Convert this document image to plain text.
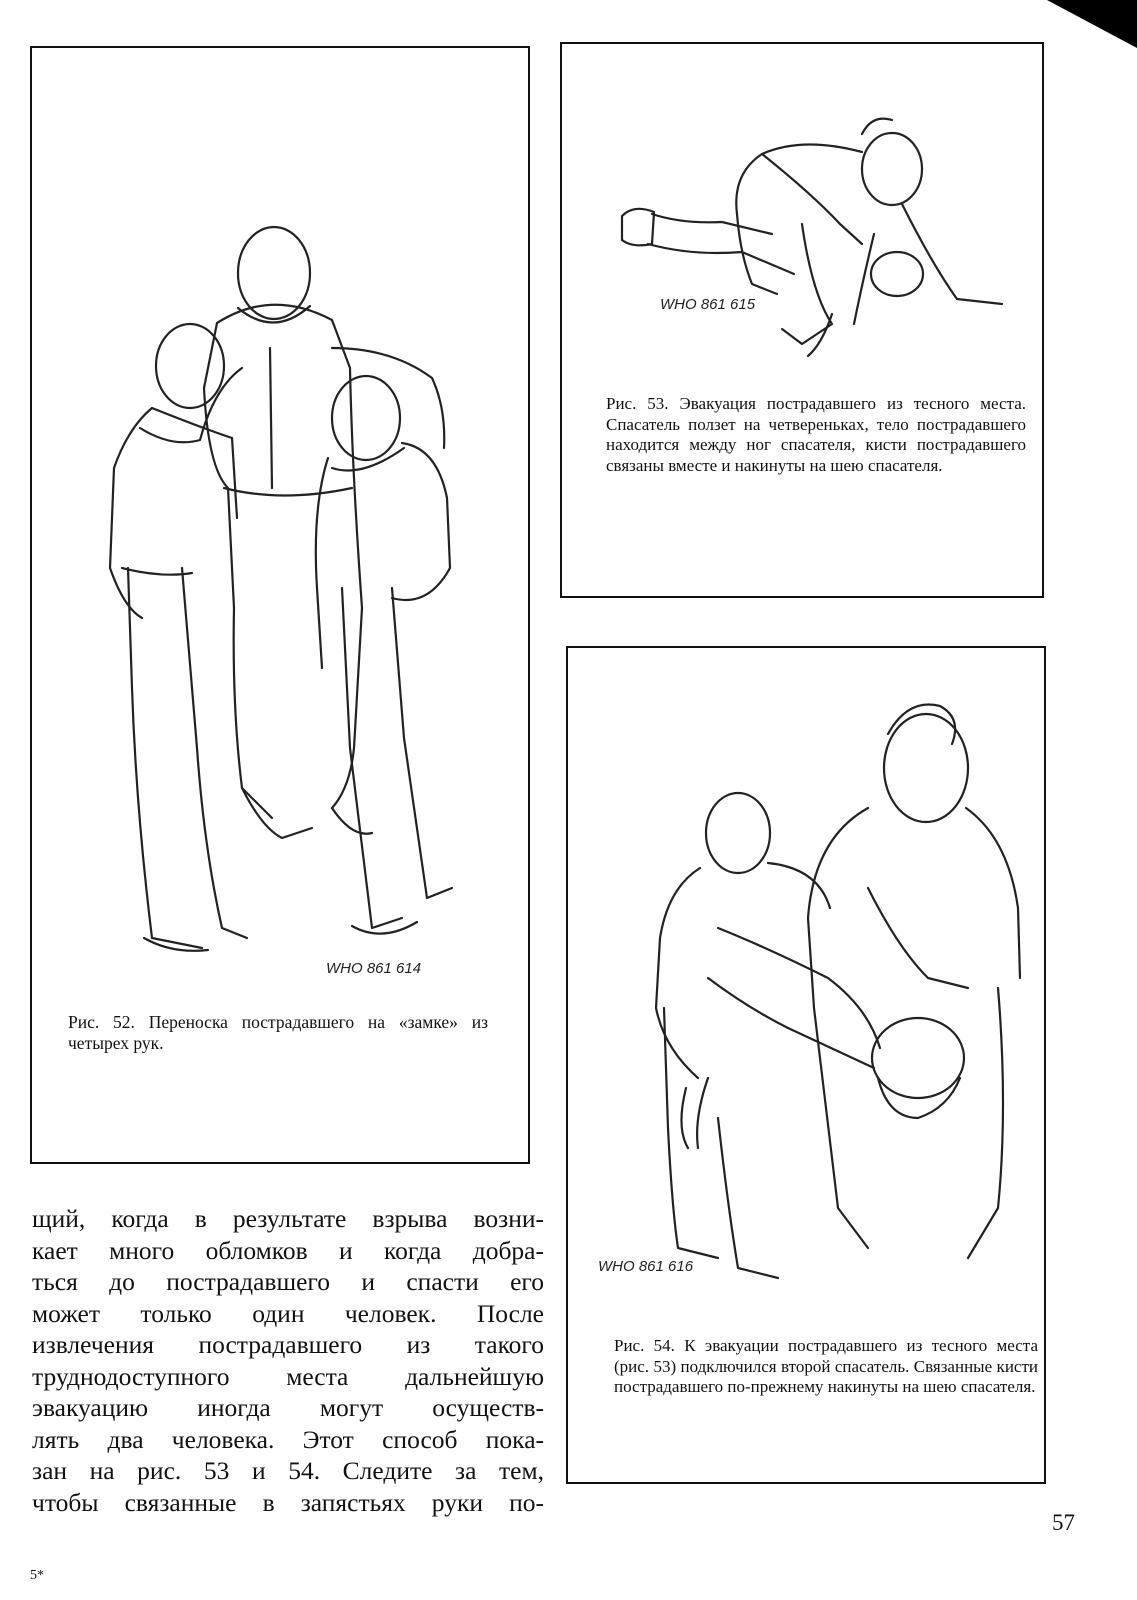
WHO 861 614
Рис. 52. Переноска пострадавшего на «замке» из четырех рук.
WHO 861 615
Рис. 53. Эвакуация пострадавшего из тесного места. Спасатель ползет на четвереньках, тело пострадавшего находится между ног спасателя, кисти пострадавшего связаны вместе и накинуты на шею спасателя.
WHO 861 616
Рис. 54. К эвакуации пострадавшего из тесного места (рис. 53) подключился второй спасатель. Связанные кисти пострадавшего по-прежнему накинуты на шею спасателя.
щий, когда в результате взрыва возни-
кает много обломков и когда добра-
ться до пострадавшего и спасти его
может только один человек. После
извлечения пострадавшего из такого
труднодоступного места дальнейшую
эвакуацию иногда могут осуществ-
лять два человека. Этот способ пока-
зан на рис. 53 и 54. Следите за тем,
чтобы связанные в запястьях руки по-
57
5*
